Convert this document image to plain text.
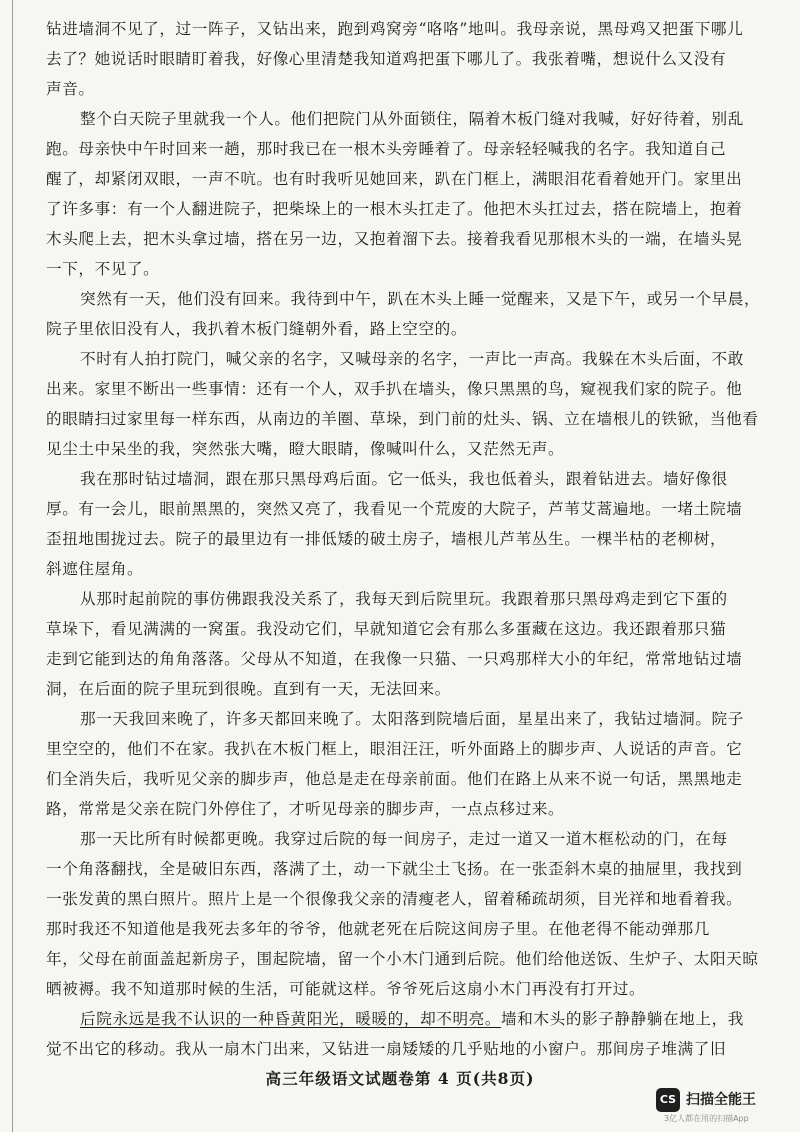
钻进墙洞不见了，过一阵子，又钻出来，跑到鸡窝旁“咯咯”地叫。我母亲说，黑母鸡又把蛋下哪儿
去了？她说话时眼睛盯着我，好像心里清楚我知道鸡把蛋下哪儿了。我张着嘴，想说什么又没有
声音。
整个白天院子里就我一个人。他们把院门从外面锁住，隔着木板门缝对我喊，好好待着，别乱
跑。母亲快中午时回来一趟，那时我已在一根木头旁睡着了。母亲轻轻喊我的名字。我知道自己
醒了，却紧闭双眼，一声不吭。也有时我听见她回来，趴在门框上，满眼泪花看着她开门。家里出
了许多事：有一个人翻进院子，把柴垛上的一根木头扛走了。他把木头扛过去，搭在院墙上，抱着
木头爬上去，把木头拿过墙，搭在另一边，又抱着溜下去。接着我看见那根木头的一端，在墙头晃
一下，不见了。
突然有一天，他们没有回来。我待到中午，趴在木头上睡一觉醒来，又是下午，或另一个早晨，
院子里依旧没有人，我扒着木板门缝朝外看，路上空空的。
不时有人拍打院门，喊父亲的名字，又喊母亲的名字，一声比一声高。我躲在木头后面，不敢
出来。家里不断出一些事情：还有一个人，双手扒在墙头，像只黑黑的鸟，窥视我们家的院子。他
的眼睛扫过家里每一样东西，从南边的羊圈、草垛，到门前的灶头、锅、立在墙根儿的铁锨，当他看
见尘土中呆坐的我，突然张大嘴，瞪大眼睛，像喊叫什么，又茫然无声。
我在那时钻过墙洞，跟在那只黑母鸡后面。它一低头，我也低着头，跟着钻进去。墙好像很
厚。有一会儿，眼前黑黑的，突然又亮了，我看见一个荒废的大院子，芦苇艾蒿遍地。一堵土院墙
歪扭地围拢过去。院子的最里边有一排低矮的破土房子，墙根儿芦苇丛生。一棵半枯的老柳树，
斜遮住屋角。
从那时起前院的事仿佛跟我没关系了，我每天到后院里玩。我跟着那只黑母鸡走到它下蛋的
草垛下，看见满满的一窝蛋。我没动它们，早就知道它会有那么多蛋藏在这边。我还跟着那只猫
走到它能到达的角角落落。父母从不知道，在我像一只猫、一只鸡那样大小的年纪，常常地钻过墙
洞，在后面的院子里玩到很晚。直到有一天，无法回来。
那一天我回来晚了，许多天都回来晚了。太阳落到院墙后面，星星出来了，我钻过墙洞。院子
里空空的，他们不在家。我扒在木板门框上，眼泪汪汪，听外面路上的脚步声、人说话的声音。它
们全消失后，我听见父亲的脚步声，他总是走在母亲前面。他们在路上从来不说一句话，黑黑地走
路，常常是父亲在院门外停住了，才听见母亲的脚步声，一点点移过来。
那一天比所有时候都更晚。我穿过后院的每一间房子，走过一道又一道木框松动的门，在每
一个角落翻找，全是破旧东西，落满了土，动一下就尘土飞扬。在一张歪斜木桌的抽屉里，我找到
一张发黄的黑白照片。照片上是一个很像我父亲的清瘦老人，留着稀疏胡须，目光祥和地看着我。
那时我还不知道他是我死去多年的爷爷，他就老死在后院这间房子里。在他老得不能动弹那几
年，父母在前面盖起新房子，围起院墙，留一个小木门通到后院。他们给他送饭、生炉子、太阳天晾
晒被褥。我不知道那时候的生活，可能就这样。爷爷死后这扇小木门再没有打开过。
后院永远是我不认识的一种昏黄阳光，暖暖的，却不明亮。墙和木头的影子静静躺在地上，我
觉不出它的移动。我从一扇木门出来，又钻进一扇矮矮的几乎贴地的小窗户。那间房子堆满了旧
高三年级语文试题卷第 4 页(共8页)
CS 扫描全能王
3亿人都在用的扫描App
